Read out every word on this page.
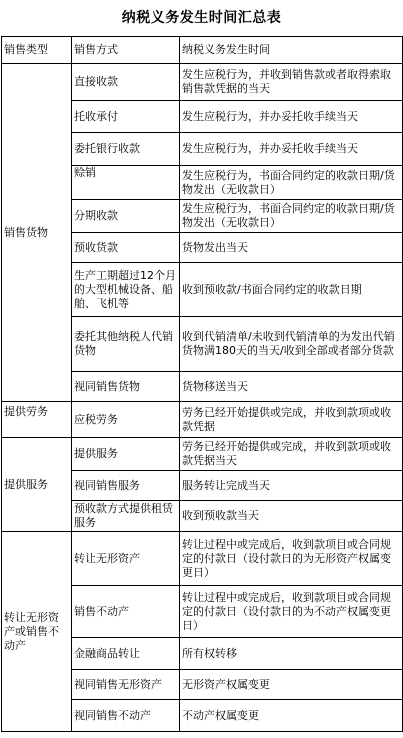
纳税义务发生时间汇总表
销售类型	销售方式	纳税义务发生时间
销售货物	直接收款	发生应税行为，并收到销售款或者取得索取销售款凭据的当天
	托收承付	发生应税行为，并办妥托收手续当天
	委托银行收款	发生应税行为，并办妥托收手续当天
	赊销	发生应税行为，书面合同约定的收款日期/货物发出（无收款日）
	分期收款	发生应税行为，书面合同约定的收款日期/货物发出（无收款日）
	预收货款	货物发出当天
	生产工期超过12个月的大型机械设备、船舶、飞机等	收到预收款/书面合同约定的收款日期
	委托其他纳税人代销货物	收到代销清单/未收到代销清单的为发出代销货物满180天的当天/收到全部或者部分货款
	视同销售货物	货物移送当天
提供劳务	应税劳务	劳务已经开始提供或完成，并收到款项或收款凭据
提供服务	提供服务	劳务已经开始提供或完成，并收到款项或收款凭据当天
	视同销售服务	服务转让完成当天
	预收款方式提供租赁服务	收到预收款当天
转让无形资产或销售不动产	转让无形资产	转让过程中或完成后，收到款项目或合同规定的付款日（设付款日的为无形资产权属变更日）
	销售不动产	转让过程中或完成后，收到款项目或合同规定的付款日（设付款日的为不动产权属变更日）
	金融商品转让	所有权转移
	视同销售无形资产	无形资产权属变更
	视同销售不动产	不动产权属变更
